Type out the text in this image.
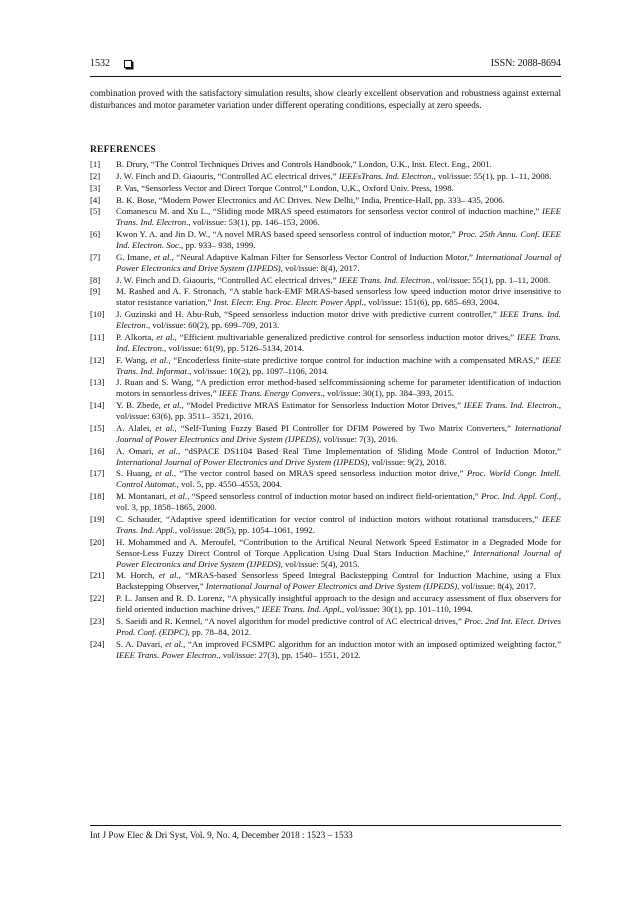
1532	ISSN: 2088-8694

combination proved with the satisfactory simulation results, show clearly excellent observation and robustness against external disturbances and motor parameter variation under different operating conditions, especially at zero speeds.

REFERENCES
[1]	B. Drury, “The Control Techniques Drives and Controls Handbook,” London, U.K., Inst. Elect. Eng., 2001.
[2]	J. W. Finch and D. Giaouris, “Controlled AC electrical drives,” IEEEsTrans. Ind. Electron., vol/issue: 55(1), pp. 1–11, 2008.
[3]	P. Vas, “Sensorless Vector and Direct Torque Control,” London, U.K., Oxford Univ. Press, 1998.
[4]	B. K. Bose, “Modern Power Electronics and AC Drives. New Delhi,” India, Prentice-Hall, pp. 333– 435, 2006.
[5]	Comanescu M. and Xu L., “Sliding mode MRAS speed estimators for sensorless vector control of induction machine,” IEEE Trans. Ind. Electron., vol/issue: 53(1), pp. 146–153, 2006.
[6]	Kwon Y. A. and Jin D. W., “A novel MRAS based speed sensorless control of induction motor,” Proc. 25th Annu. Conf. IEEE Ind. Electron. Soc., pp. 933– 938, 1999.
[7]	G. Imane, et al., “Neural Adaptive Kalman Filter for Sensorless Vector Control of Induction Motor,” International Journal of Power Electronics and Drive System (IJPEDS), vol/issue: 8(4), 2017.
[8]	J. W. Finch and D. Giaouris, “Controlled AC electrical drives,” IEEE Trans. Ind. Electron., vol/issue: 55(1), pp. 1–11, 2008.
[9]	M. Rashed and A. F. Stronach, “A stable back-EMF MRAS-based sensorless low speed induction motor drive insensitive to stator resistance variation,” Inst. Electr. Eng. Proc. Electr. Power Appl., vol/issue: 151(6), pp. 685–693, 2004.
[10]	J. Guzinski and H. Abu-Rub, “Speed sensorless induction motor drive with predictive current controller,” IEEE Trans. Ind. Electron., vol/issue: 60(2), pp. 699–709, 2013.
[11]	P. Alkorta, et al., “Efficient multivariable generalized predictive control for sensorless induction motor drives,” IEEE Trans. Ind. Electron., vol/issue: 61(9), pp. 5126–5134, 2014.
[12]	F. Wang, et al., “Encoderless finite-state predictive torque control for induction machine with a compensated MRAS,” IEEE Trans. Ind. Informat., vol/issue: 10(2), pp. 1097–1106, 2014.
[13]	J. Ruan and S. Wang, “A prediction error method-based selfcommissioning scheme for parameter identification of induction motors in sensorless drives,” IEEE Trans. Energy Convers., vol/issue: 30(1), pp. 384–393, 2015.
[14]	Y. B. Zbede, et al., “Model Predictive MRAS Estimator for Sensorless Induction Motor Drives,” IEEE Trans. Ind. Electron., vol/issue: 63(6), pp. 3511– 3521, 2016.
[15]	A. Alalei, et al., “Self-Tuning Fuzzy Based PI Controller for DFIM Powered by Two Matrix Converters,” International Journal of Power Electronics and Drive System (IJPEDS), vol/issue: 7(3), 2016.
[16]	A. Omari, et al., “dSPACE DS1104 Based Real Time Implementation of Sliding Mode Control of Induction Motor,” International Journal of Power Electronics and Drive System (IJPEDS), vol/issue: 9(2), 2018.
[17]	S. Huang, et al., “The vector control based on MRAS speed sensorless induction motor drive,” Proc. World Congr. Intell. Control Automat., vol. 5, pp. 4550–4553, 2004.
[18]	M. Montanari, et al., “Speed sensorless control of induction motor based on indirect field-orientation,” Proc. Ind. Appl. Conf., vol. 3, pp. 1858–1865, 2000.
[19]	C. Schauder, “Adaptive speed identification for vector control of induction motors without rotational transducers,” IEEE Trans. Ind. Appl., vol/issue: 28(5), pp. 1054–1061, 1992.
[20]	H. Mohammed and A. Meroufel, “Contribution to the Artifical Neural Network Speed Estimator in a Degraded Mode for Sensor-Less Fuzzy Direct Control of Torque Application Using Dual Stars Induction Machine,” International Journal of Power Electronics and Drive System (IJPEDS), vol/issue: 5(4), 2015.
[21]	M. Horch, et al., “MRAS-based Sensorless Speed Integral Backstepping Control for Induction Machine, using a Flux Backstepping Observer,” International Journal of Power Electronics and Drive System (IJPEDS), vol/issue: 8(4), 2017.
[22]	P. L. Jansen and R. D. Lorenz, “A physically insightful approach to the design and accuracy assessment of flux observers for field oriented induction machine drives,” IEEE Trans. Ind. Appl., vol/issue: 30(1), pp. 101–110, 1994.
[23]	S. Saeidi and R. Kennel, “A novel algorithm for model predictive control of AC electrical drives,” Proc. 2nd Int. Elect. Drives Prod. Conf. (EDPC), pp. 78–84, 2012.
[24]	S. A. Davari, et al., “An improved FCSMPC algorithm for an induction motor with an imposed optimized weighting factor,” IEEE Trans. Power Electron., vol/issue: 27(3), pp. 1540– 1551, 2012.
Int J Pow Elec & Dri Syst, Vol. 9, No. 4, December 2018 : 1523 – 1533
